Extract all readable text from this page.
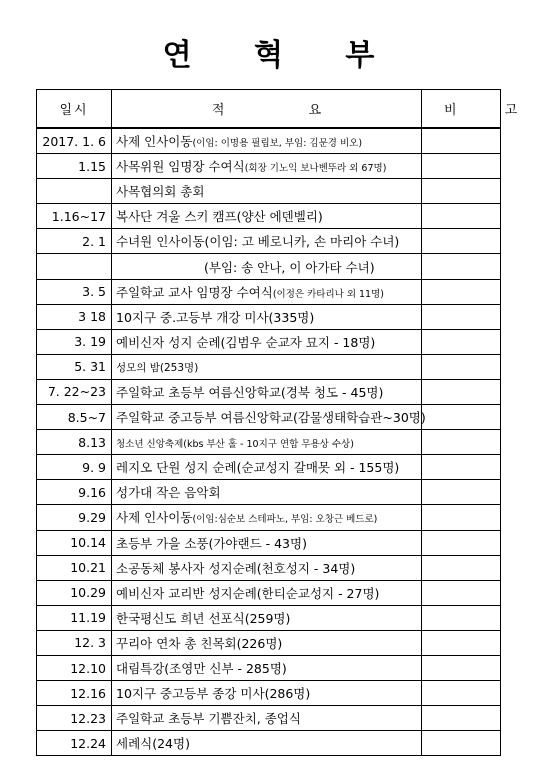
연 혁 부
일시	적 요	비 고
2017. 1. 6	사제 인사이동(이임: 이명용 필립보, 부임: 김문경 비오)	
1.15	사목위원 임명장 수여식(회장 기노익 보나벤뚜라 외 67명)	
	사목협의회 총회	
1.16~17	복사단 겨울 스키 캠프(양산 에덴벨리)	
2. 1	수녀원 인사이동(이임: 고 베로니카, 손 마리아 수녀)	
	(부임: 송 안나, 이 아가타 수녀)	
3. 5	주일학교 교사 임명장 수여식(이정은 카타리나 외 11명)	
3 18	10지구 중.고등부 개강 미사(335명)	
3. 19	예비신자 성지 순례(김범우 순교자 묘지 - 18명)	
5. 31	성모의 밤(253명)	
7. 22~23	주일학교 초등부 여름신앙학교(경북 청도 - 45명)	
8.5~7	주일학교 중고등부 여름신앙학교(감물생태학습관~30명)	
8.13	청소년 신앙축제(kbs 부산 홀 - 10지구 연합 무용상 수상)	
9. 9	레지오 단원 성지 순례(순교성지 갈매못 외 - 155명)	
9.16	성가대 작은 음악회	
9.29	사제 인사이동(이임:심순보 스테파노, 부임: 오창근 베드로)	
10.14	초등부 가을 소풍(가야랜드 - 43명)	
10.21	소공동체 봉사자 성지순례(천호성지 - 34명)	
10.29	예비신자 교리반 성지순례(한티순교성지 - 27명)	
11.19	한국평신도 희년 선포식(259명)	
12. 3	꾸리아 연차 총 친목회(226명)	
12.10	대림특강(조영만 신부 - 285명)	
12.16	10지구 중고등부 종강 미사(286명)	
12.23	주일학교 초등부 기쁨잔치, 종업식	
12.24	세례식(24명)	
